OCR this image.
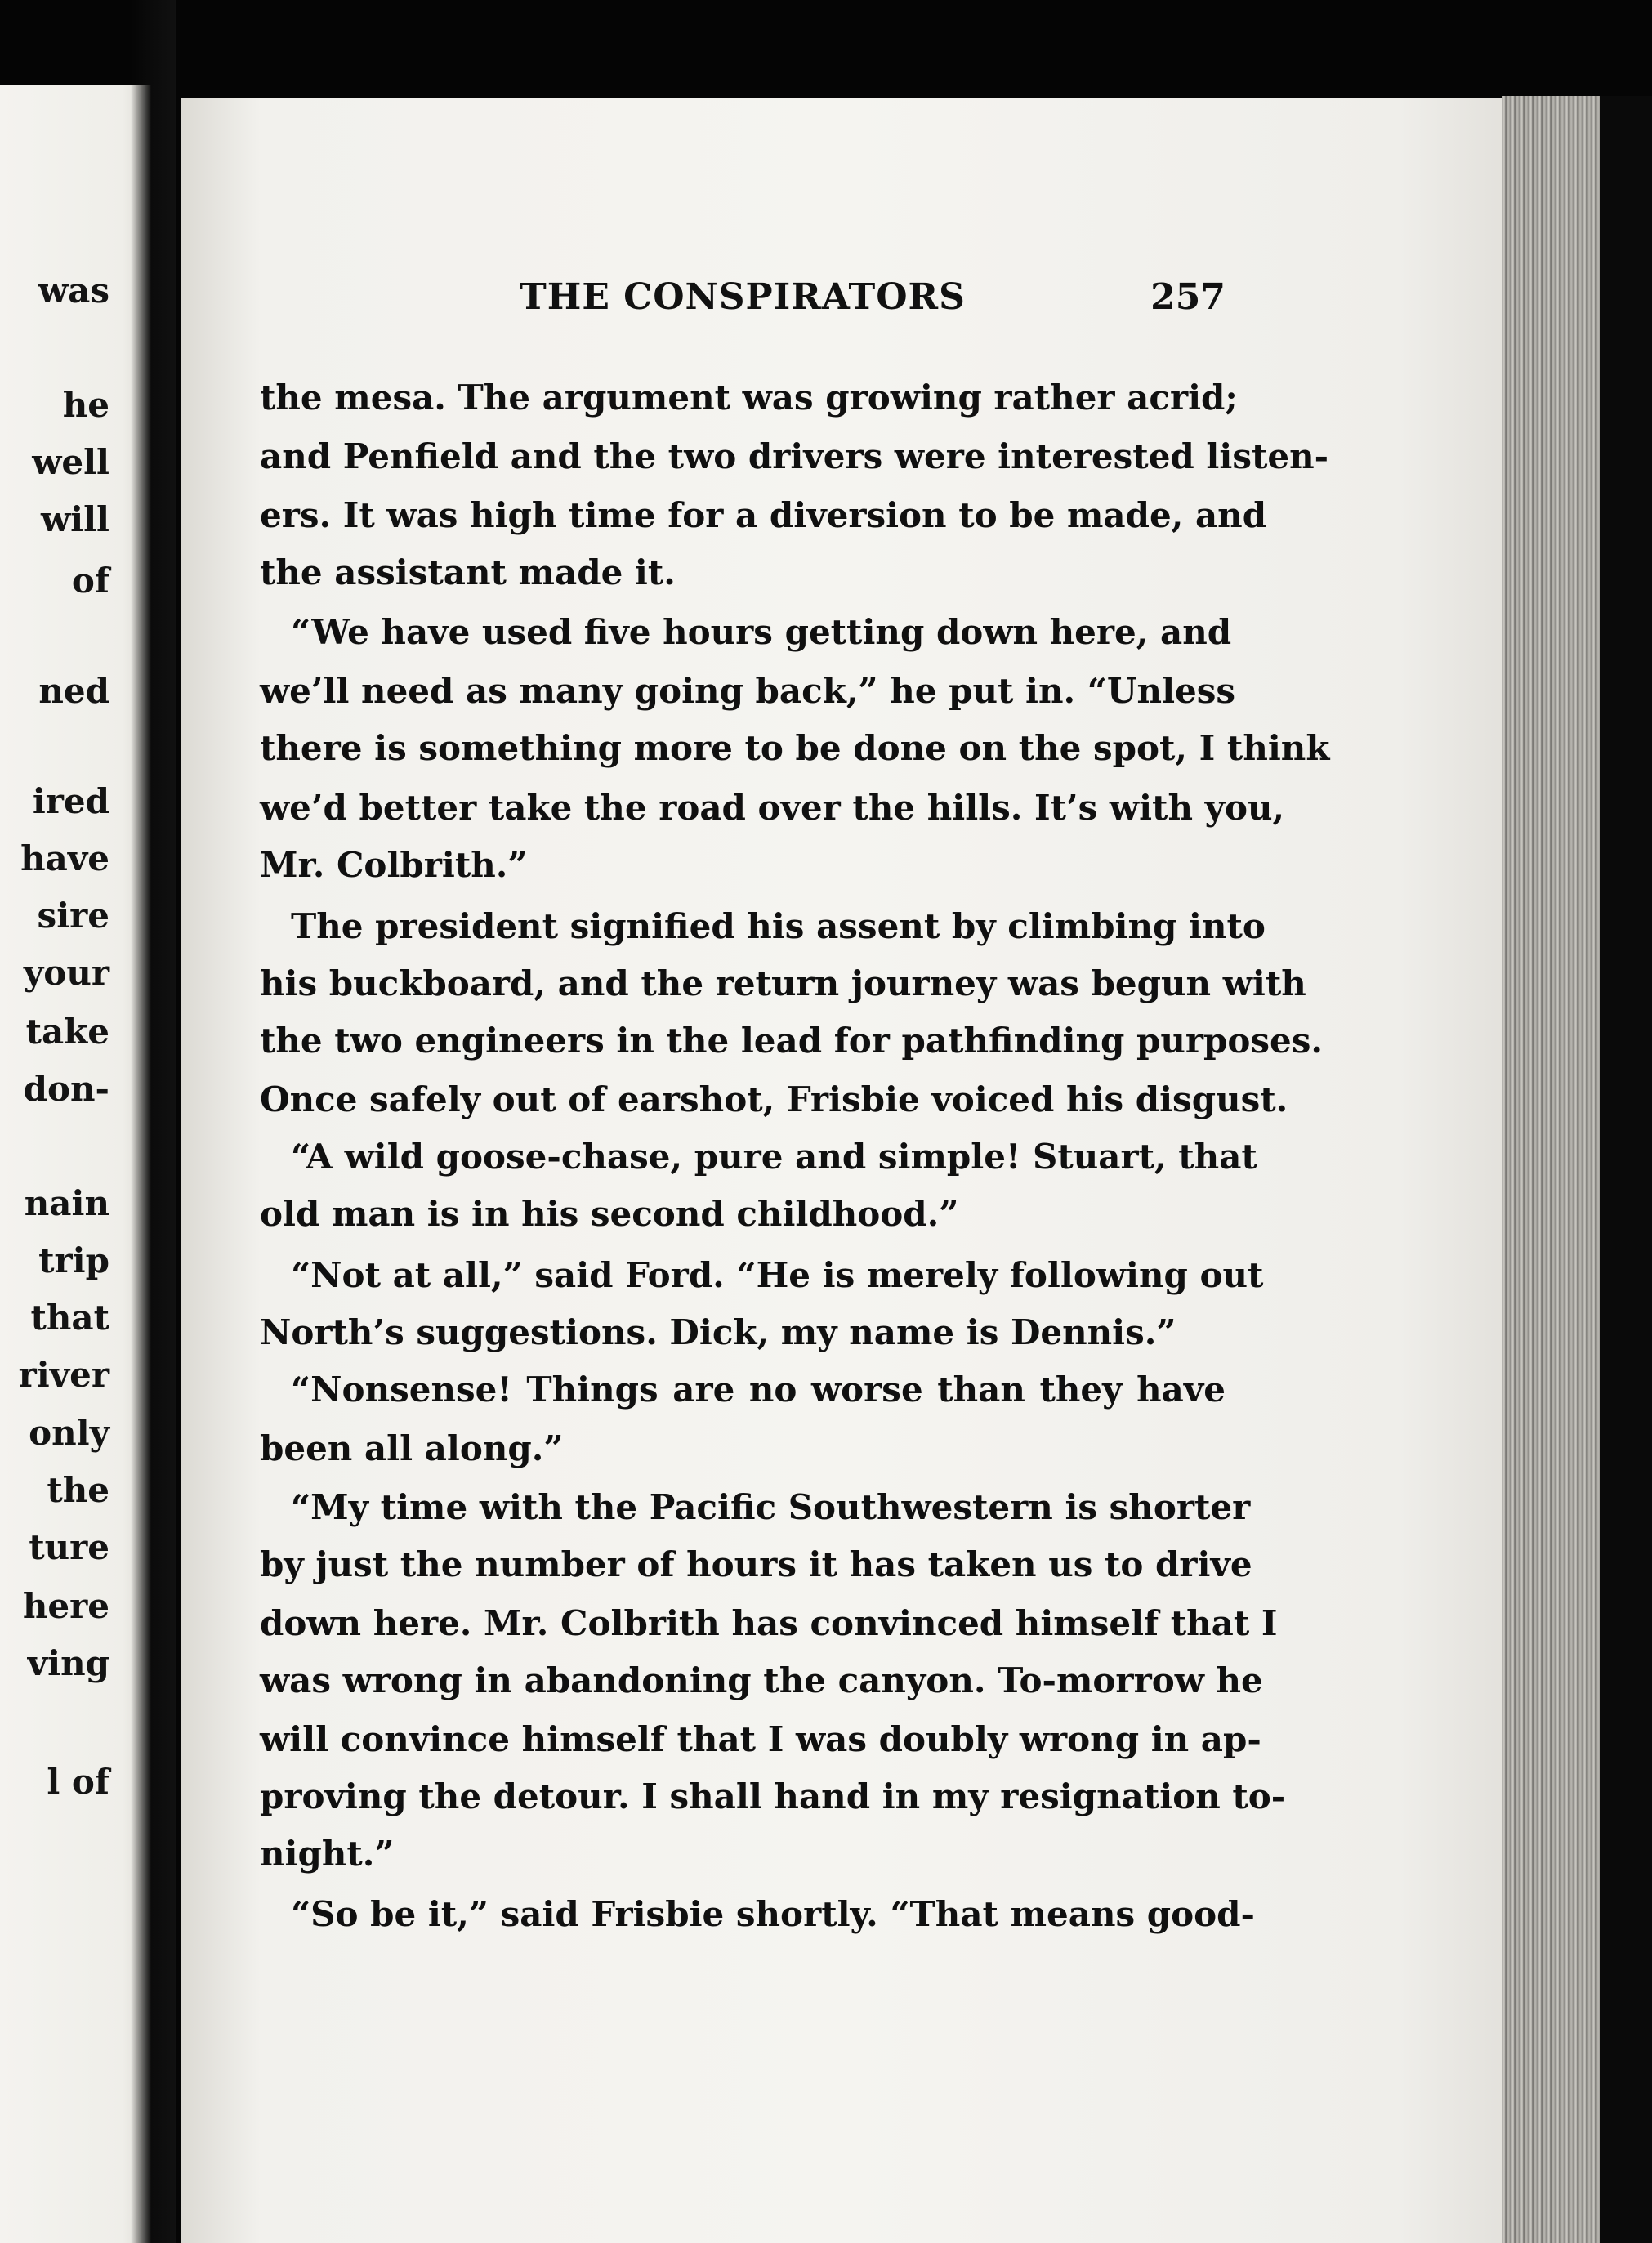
was
he
well
will
of
ned
ired
have
sire
your
take
don-
nain
trip
that
river
only
the
ture
here
ving
l of
THE CONSPIRATORS	257
the mesa. The argument was growing rather acrid;
and Penfield and the two drivers were interested listen-
ers. It was high time for a diversion to be made, and
the assistant made it.
“We have used five hours getting down here, and
we’ll need as many going back,” he put in. “Unless
there is something more to be done on the spot, I think
we’d better take the road over the hills. It’s with you,
Mr. Colbrith.”
The president signified his assent by climbing into
his buckboard, and the return journey was begun with
the two engineers in the lead for pathfinding purposes.
Once safely out of earshot, Frisbie voiced his disgust.
“A wild goose-chase, pure and simple! Stuart, that
old man is in his second childhood.”
“Not at all,” said Ford. “He is merely following out
North’s suggestions. Dick, my name is Dennis.”
“Nonsense! Things are no worse than they have
been all along.”
“My time with the Pacific Southwestern is shorter
by just the number of hours it has taken us to drive
down here. Mr. Colbrith has convinced himself that I
was wrong in abandoning the canyon. To-morrow he
will convince himself that I was doubly wrong in ap-
proving the detour. I shall hand in my resignation to-
night.”
“So be it,” said Frisbie shortly. “That means good-
